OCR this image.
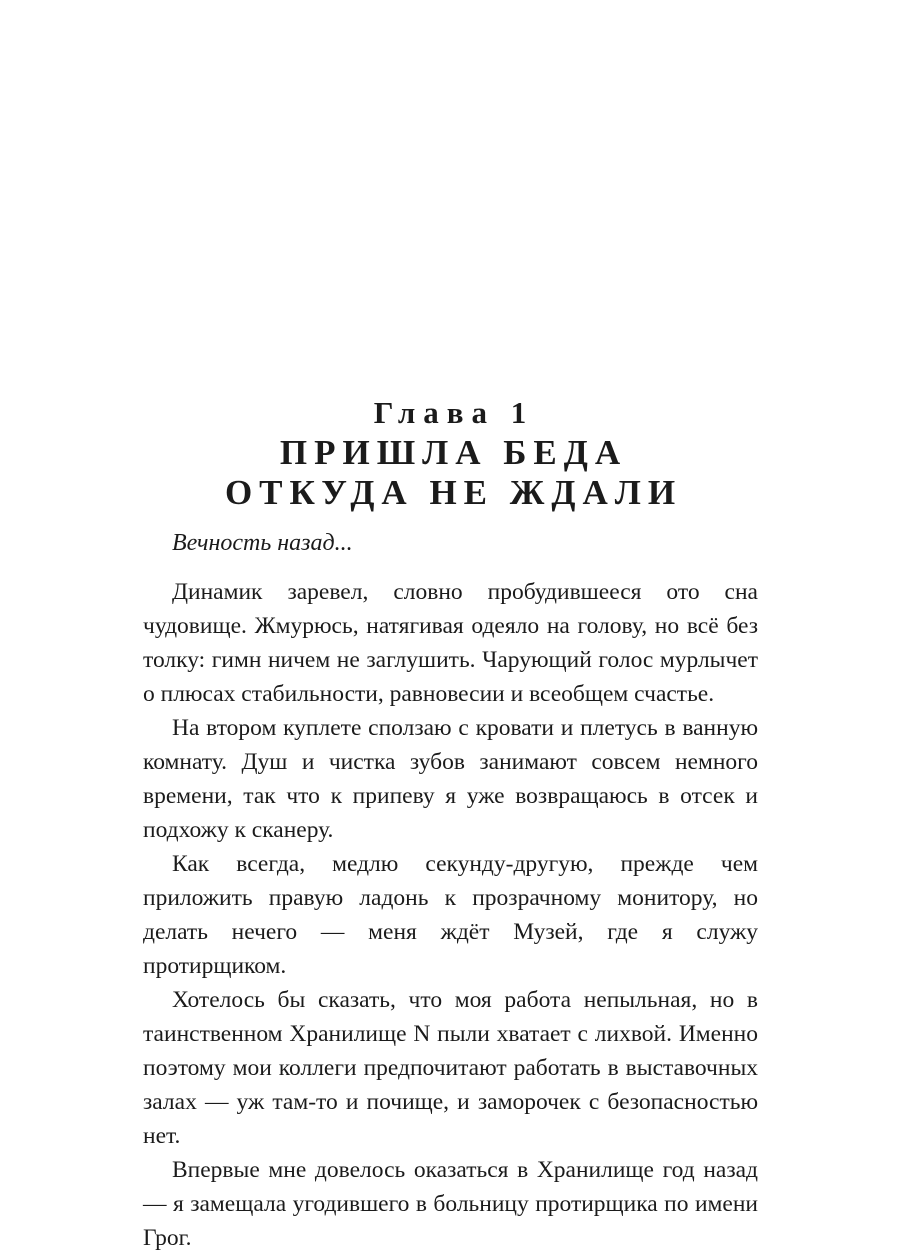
Глава 1
ПРИШЛА БЕДА
ОТКУДА НЕ ЖДАЛИ
Вечность назад...

Динамик заревел, словно пробудившееся ото сна чудовище. Жмурюсь, натягивая одеяло на голову, но всё без толку: гимн ничем не заглушить. Чарующий голос мурлычет о плюсах стабильности, равновесии и всеобщем счастье.

На втором куплете сползаю с кровати и плетусь в ванную комнату. Душ и чистка зубов занимают совсем немного времени, так что к припеву я уже возвращаюсь в отсек и подхожу к сканеру.

Как всегда, медлю секунду-другую, прежде чем приложить правую ладонь к прозрачному монитору, но делать нечего — меня ждёт Музей, где я служу протирщиком.

Хотелось бы сказать, что моя работа непыльная, но в таинственном Хранилище N пыли хватает с лихвой. Именно поэтому мои коллеги предпочитают работать в выставочных залах — уж там-то и почище, и заморочек с безопасностью нет.

Впервые мне довелось оказаться в Хранилище год назад — я замещала угодившего в больницу протирщика по имени Грог.
